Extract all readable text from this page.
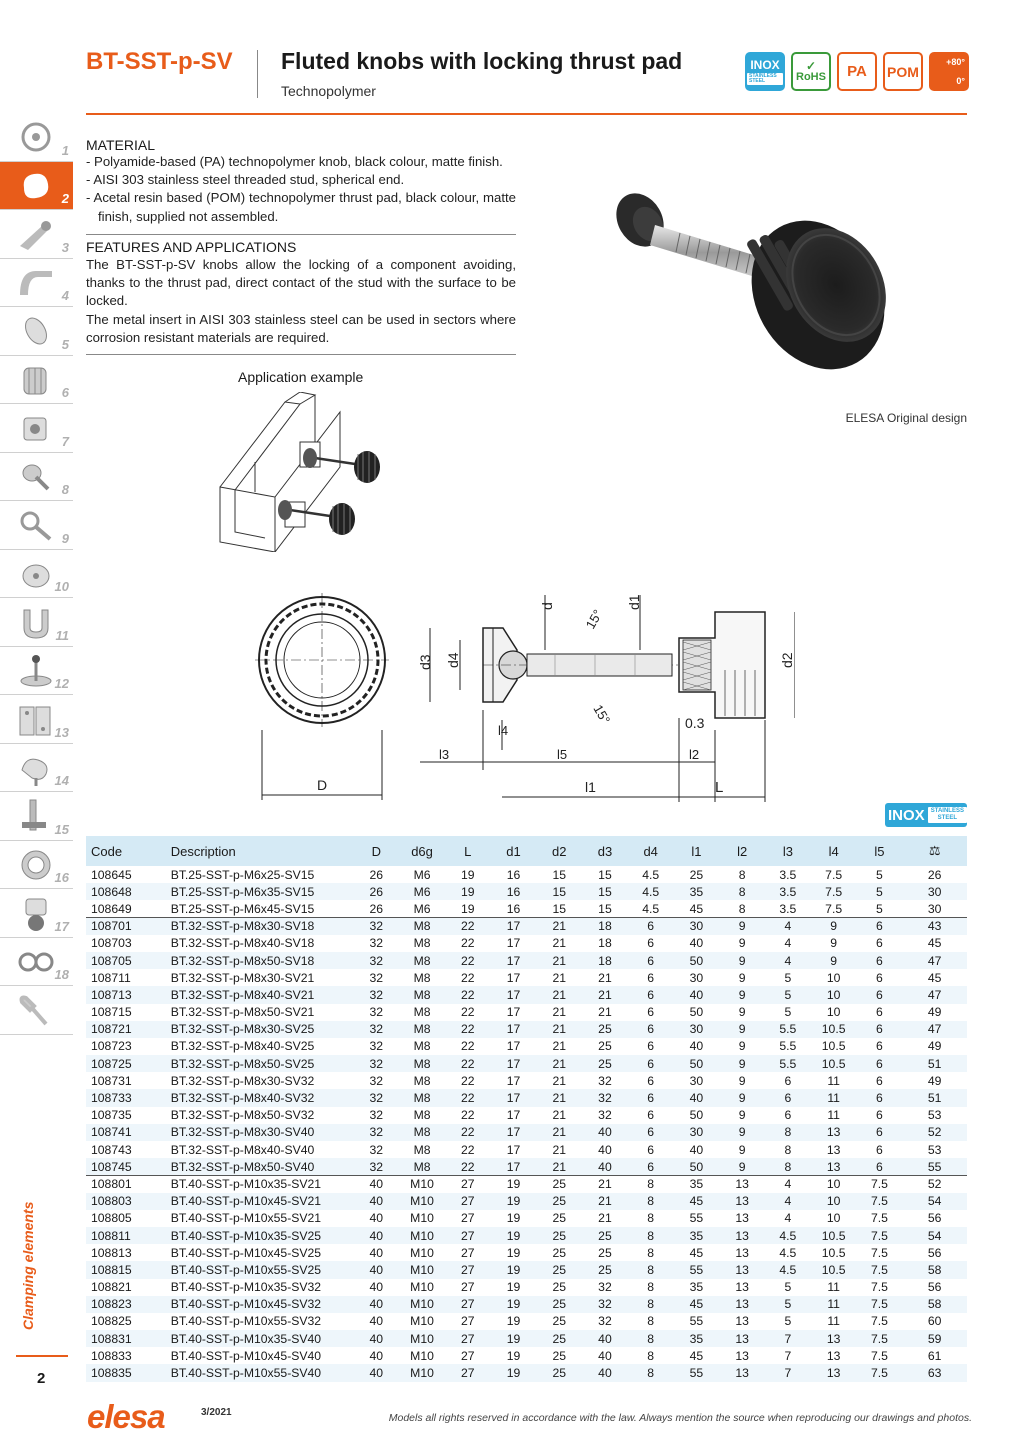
BT-SST-p-SV Fluted knobs with locking thrust pad
Technopolymer
INOX
STAINLESS STEEL
✓
RoHS	PA	POM
+80°
0°
1
2
3
4
5
6
7
8
9
10
11
12
13
14
15
16
17
18
Clamping elements
2
MATERIAL
- Polyamide-based (PA) technopolymer knob, black colour, matte finish.
- AISI 303 stainless steel threaded stud, spherical end.
- Acetal resin based (POM) technopolymer thrust pad, black colour, matte finish, supplied not assembled.
FEATURES AND APPLICATIONS

The BT-SST-p-SV knobs allow the locking of a component avoiding, thanks to the thrust pad, direct contact of the stud with the surface to be locked.

The metal insert in AISI 303 stainless steel can be used in sectors where corrosion resistant materials are required.

Application example
ELESA Original design
D
d3 d4
d	d1
d2
15°
15°
l4
l3	l5	l2
0.3
l1	L
INOX	STAINLESS STEEL
Code	Description	D	d6g	L	d1	d2	d3	d4	l1	l2	l3	l4	l5	⚖
108645	BT.25-SST-p-M6x25-SV15	26	M6	19	16	15	15	4.5	25	8	3.5	7.5	5	26
108648	BT.25-SST-p-M6x35-SV15	26	M6	19	16	15	15	4.5	35	8	3.5	7.5	5	30
108649	BT.25-SST-p-M6x45-SV15	26	M6	19	16	15	15	4.5	45	8	3.5	7.5	5	30
108701	BT.32-SST-p-M8x30-SV18	32	M8	22	17	21	18	6	30	9	4	9	6	43
108703	BT.32-SST-p-M8x40-SV18	32	M8	22	17	21	18	6	40	9	4	9	6	45
108705	BT.32-SST-p-M8x50-SV18	32	M8	22	17	21	18	6	50	9	4	9	6	47
108711	BT.32-SST-p-M8x30-SV21	32	M8	22	17	21	21	6	30	9	5	10	6	45
108713	BT.32-SST-p-M8x40-SV21	32	M8	22	17	21	21	6	40	9	5	10	6	47
108715	BT.32-SST-p-M8x50-SV21	32	M8	22	17	21	21	6	50	9	5	10	6	49
108721	BT.32-SST-p-M8x30-SV25	32	M8	22	17	21	25	6	30	9	5.5	10.5	6	47
108723	BT.32-SST-p-M8x40-SV25	32	M8	22	17	21	25	6	40	9	5.5	10.5	6	49
108725	BT.32-SST-p-M8x50-SV25	32	M8	22	17	21	25	6	50	9	5.5	10.5	6	51
108731	BT.32-SST-p-M8x30-SV32	32	M8	22	17	21	32	6	30	9	6	11	6	49
108733	BT.32-SST-p-M8x40-SV32	32	M8	22	17	21	32	6	40	9	6	11	6	51
108735	BT.32-SST-p-M8x50-SV32	32	M8	22	17	21	32	6	50	9	6	11	6	53
108741	BT.32-SST-p-M8x30-SV40	32	M8	22	17	21	40	6	30	9	8	13	6	52
108743	BT.32-SST-p-M8x40-SV40	32	M8	22	17	21	40	6	40	9	8	13	6	53
108745	BT.32-SST-p-M8x50-SV40	32	M8	22	17	21	40	6	50	9	8	13	6	55
108801	BT.40-SST-p-M10x35-SV21	40	M10	27	19	25	21	8	35	13	4	10	7.5	52
108803	BT.40-SST-p-M10x45-SV21	40	M10	27	19	25	21	8	45	13	4	10	7.5	54
108805	BT.40-SST-p-M10x55-SV21	40	M10	27	19	25	21	8	55	13	4	10	7.5	56
108811	BT.40-SST-p-M10x35-SV25	40	M10	27	19	25	25	8	35	13	4.5	10.5	7.5	54
108813	BT.40-SST-p-M10x45-SV25	40	M10	27	19	25	25	8	45	13	4.5	10.5	7.5	56
108815	BT.40-SST-p-M10x55-SV25	40	M10	27	19	25	25	8	55	13	4.5	10.5	7.5	58
108821	BT.40-SST-p-M10x35-SV32	40	M10	27	19	25	32	8	35	13	5	11	7.5	56
108823	BT.40-SST-p-M10x45-SV32	40	M10	27	19	25	32	8	45	13	5	11	7.5	58
108825	BT.40-SST-p-M10x55-SV32	40	M10	27	19	25	32	8	55	13	5	11	7.5	60
108831	BT.40-SST-p-M10x35-SV40	40	M10	27	19	25	40	8	35	13	7	13	7.5	59
108833	BT.40-SST-p-M10x45-SV40	40	M10	27	19	25	40	8	45	13	7	13	7.5	61
108835	BT.40-SST-p-M10x55-SV40	40	M10	27	19	25	40	8	55	13	7	13	7.5	63
elesa	3/2021	Models all rights reserved in accordance with the law. Always mention the source when reproducing our drawings and photos.
